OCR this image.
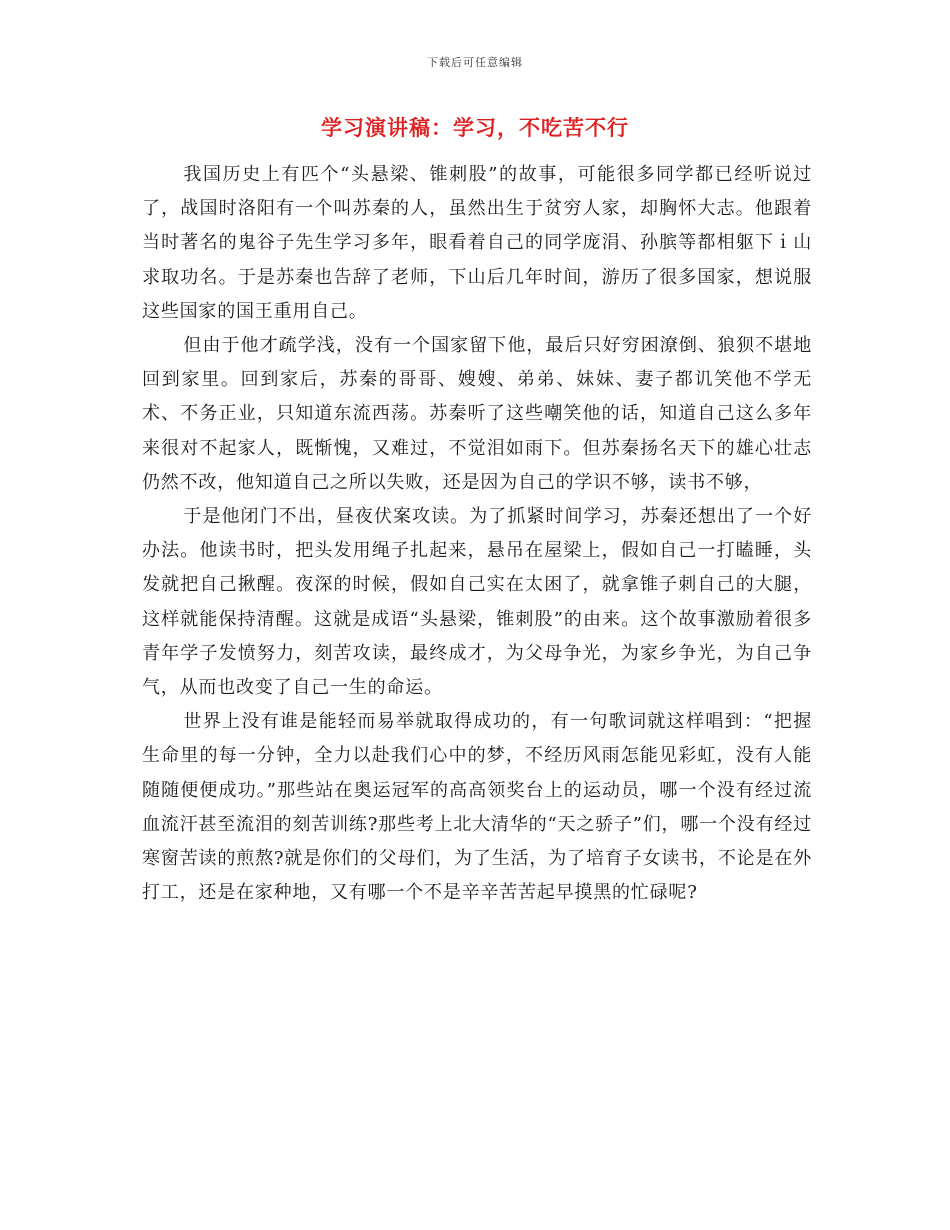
下载后可任意编辑
学习演讲稿：学习，不吃苦不行

我国历史上有匹个“头悬梁、锥刺股”的故事，可能很多同学都已经听说过了，战国时洛阳有一个叫苏秦的人，虽然出生于贫穷人家，却胸怀大志。他跟着当时著名的鬼谷子先生学习多年，眼看着自己的同学庞涓、孙膑等都相躯下ｉ山求取功名。于是苏秦也告辞了老师，下山后几年时间，游历了很多国家，想说服这些国家的国王重用自己。

但由于他才疏学浅，没有一个国家留下他，最后只好穷困潦倒、狼狈不堪地回到家里。回到家后，苏秦的哥哥、嫂嫂、弟弟、妹妹、妻子都讥笑他不学无术、不务正业，只知道东流西荡。苏秦听了这些嘲笑他的话，知道自己这么多年来很对不起家人，既惭愧，又难过，不觉泪如雨下。但苏秦扬名天下的雄心壮志仍然不改，他知道自己之所以失败，还是因为自己的学识不够，读书不够，

于是他闭门不出，昼夜伏案攻读。为了抓紧时间学习，苏秦还想出了一个好办法。他读书时，把头发用绳子扎起来，悬吊在屋梁上，假如自己一打瞌睡，头发就把自己揪醒。夜深的时候，假如自己实在太困了，就拿锥子刺自己的大腿，这样就能保持清醒。这就是成语“头悬梁，锥刺股”的由来。这个故事激励着很多青年学子发愤努力，刻苦攻读，最终成才，为父母争光，为家乡争光，为自己争气，从而也改变了自己一生的命运。

世界上没有谁是能轻而易举就取得成功的，有一句歌词就这样唱到：“把握生命里的每一分钟，全力以赴我们心中的梦，不经历风雨怎能见彩虹，没有人能随随便便成功。”那些站在奥运冠军的高高领奖台上的运动员，哪一个没有经过流血流汗甚至流泪的刻苦训练?那些考上北大清华的“天之骄子”们，哪一个没有经过寒窗苦读的煎熬?就是你们的父母们，为了生活，为了培育子女读书，不论是在外打工，还是在家种地，又有哪一个不是辛辛苦苦起早摸黑的忙碌呢?
